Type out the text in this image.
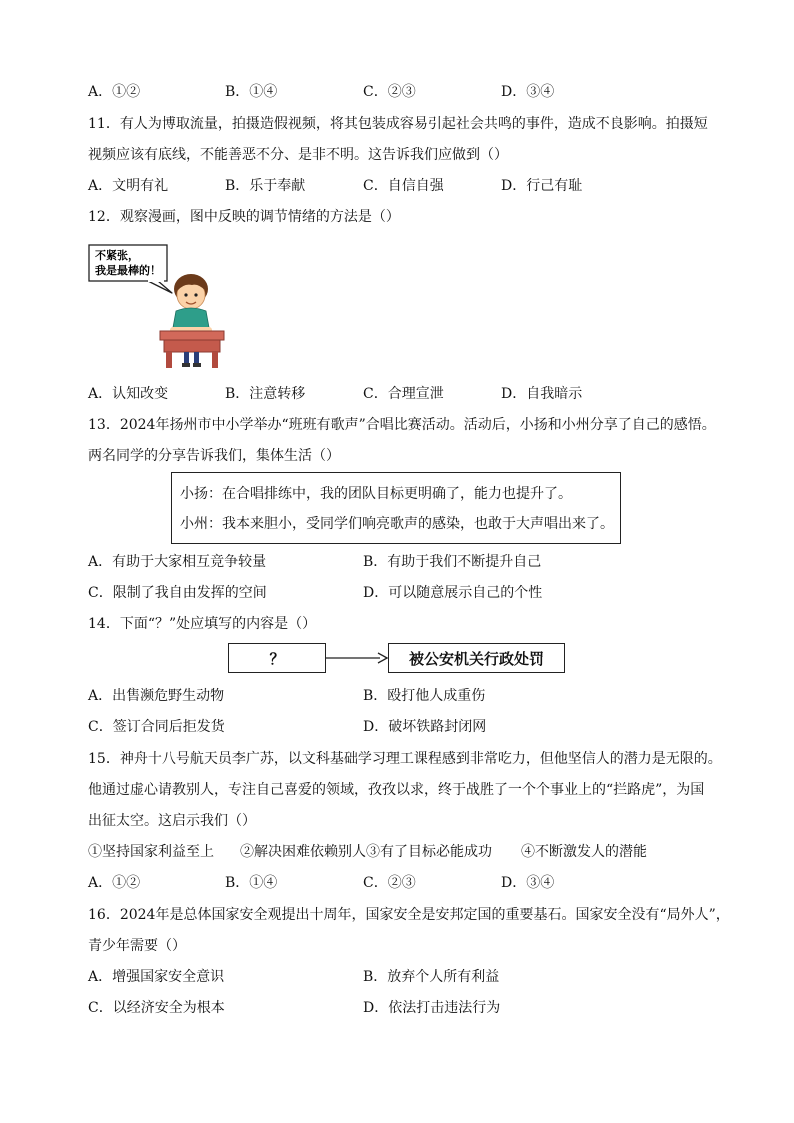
A．①②	B．①④	C．②③	D．③④
11．有人为博取流量，拍摄造假视频，将其包装成容易引起社会共鸣的事件，造成不良影响。拍摄短
视频应该有底线，不能善恶不分、是非不明。这告诉我们应做到（）
A．文明有礼	B．乐于奉献	C．自信自强	D．行己有耻
12．观察漫画，图中反映的调节情绪的方法是（）
不紧张，
我是最棒的！
A．认知改变	B．注意转移	C．合理宣泄	D．自我暗示
13．2024年扬州市中小学举办“班班有歌声”合唱比赛活动。活动后，小扬和小州分享了自己的感悟。
两名同学的分享告诉我们，集体生活（）
小扬：在合唱排练中，我的团队目标更明确了，能力也提升了。
小州：我本来胆小，受同学们响亮歌声的感染，也敢于大声唱出来了。
A．有助于大家相互竞争较量	B．有助于我们不断提升自己
C．限制了我自由发挥的空间	D．可以随意展示自己的个性
14．下面“？”处应填写的内容是（）
？	被公安机关行政处罚
A．出售濒危野生动物	B．殴打他人成重伤
C．签订合同后拒发货	D．破坏铁路封闭网
15．神舟十八号航天员李广苏，以文科基础学习理工课程感到非常吃力，但他坚信人的潜力是无限的。
他通过虚心请教别人，专注自己喜爱的领域，孜孜以求，终于战胜了一个个事业上的“拦路虎”，为国
出征太空。这启示我们（）
①坚持国家利益至上 ②解决困难依赖别人③有了目标必能成功 ④不断激发人的潜能
A．①②	B．①④	C．②③	D．③④
16．2024年是总体国家安全观提出十周年，国家安全是安邦定国的重要基石。国家安全没有“局外人”，
青少年需要（）
A．增强国家安全意识	B．放弃个人所有利益
C．以经济安全为根本	D．依法打击违法行为
